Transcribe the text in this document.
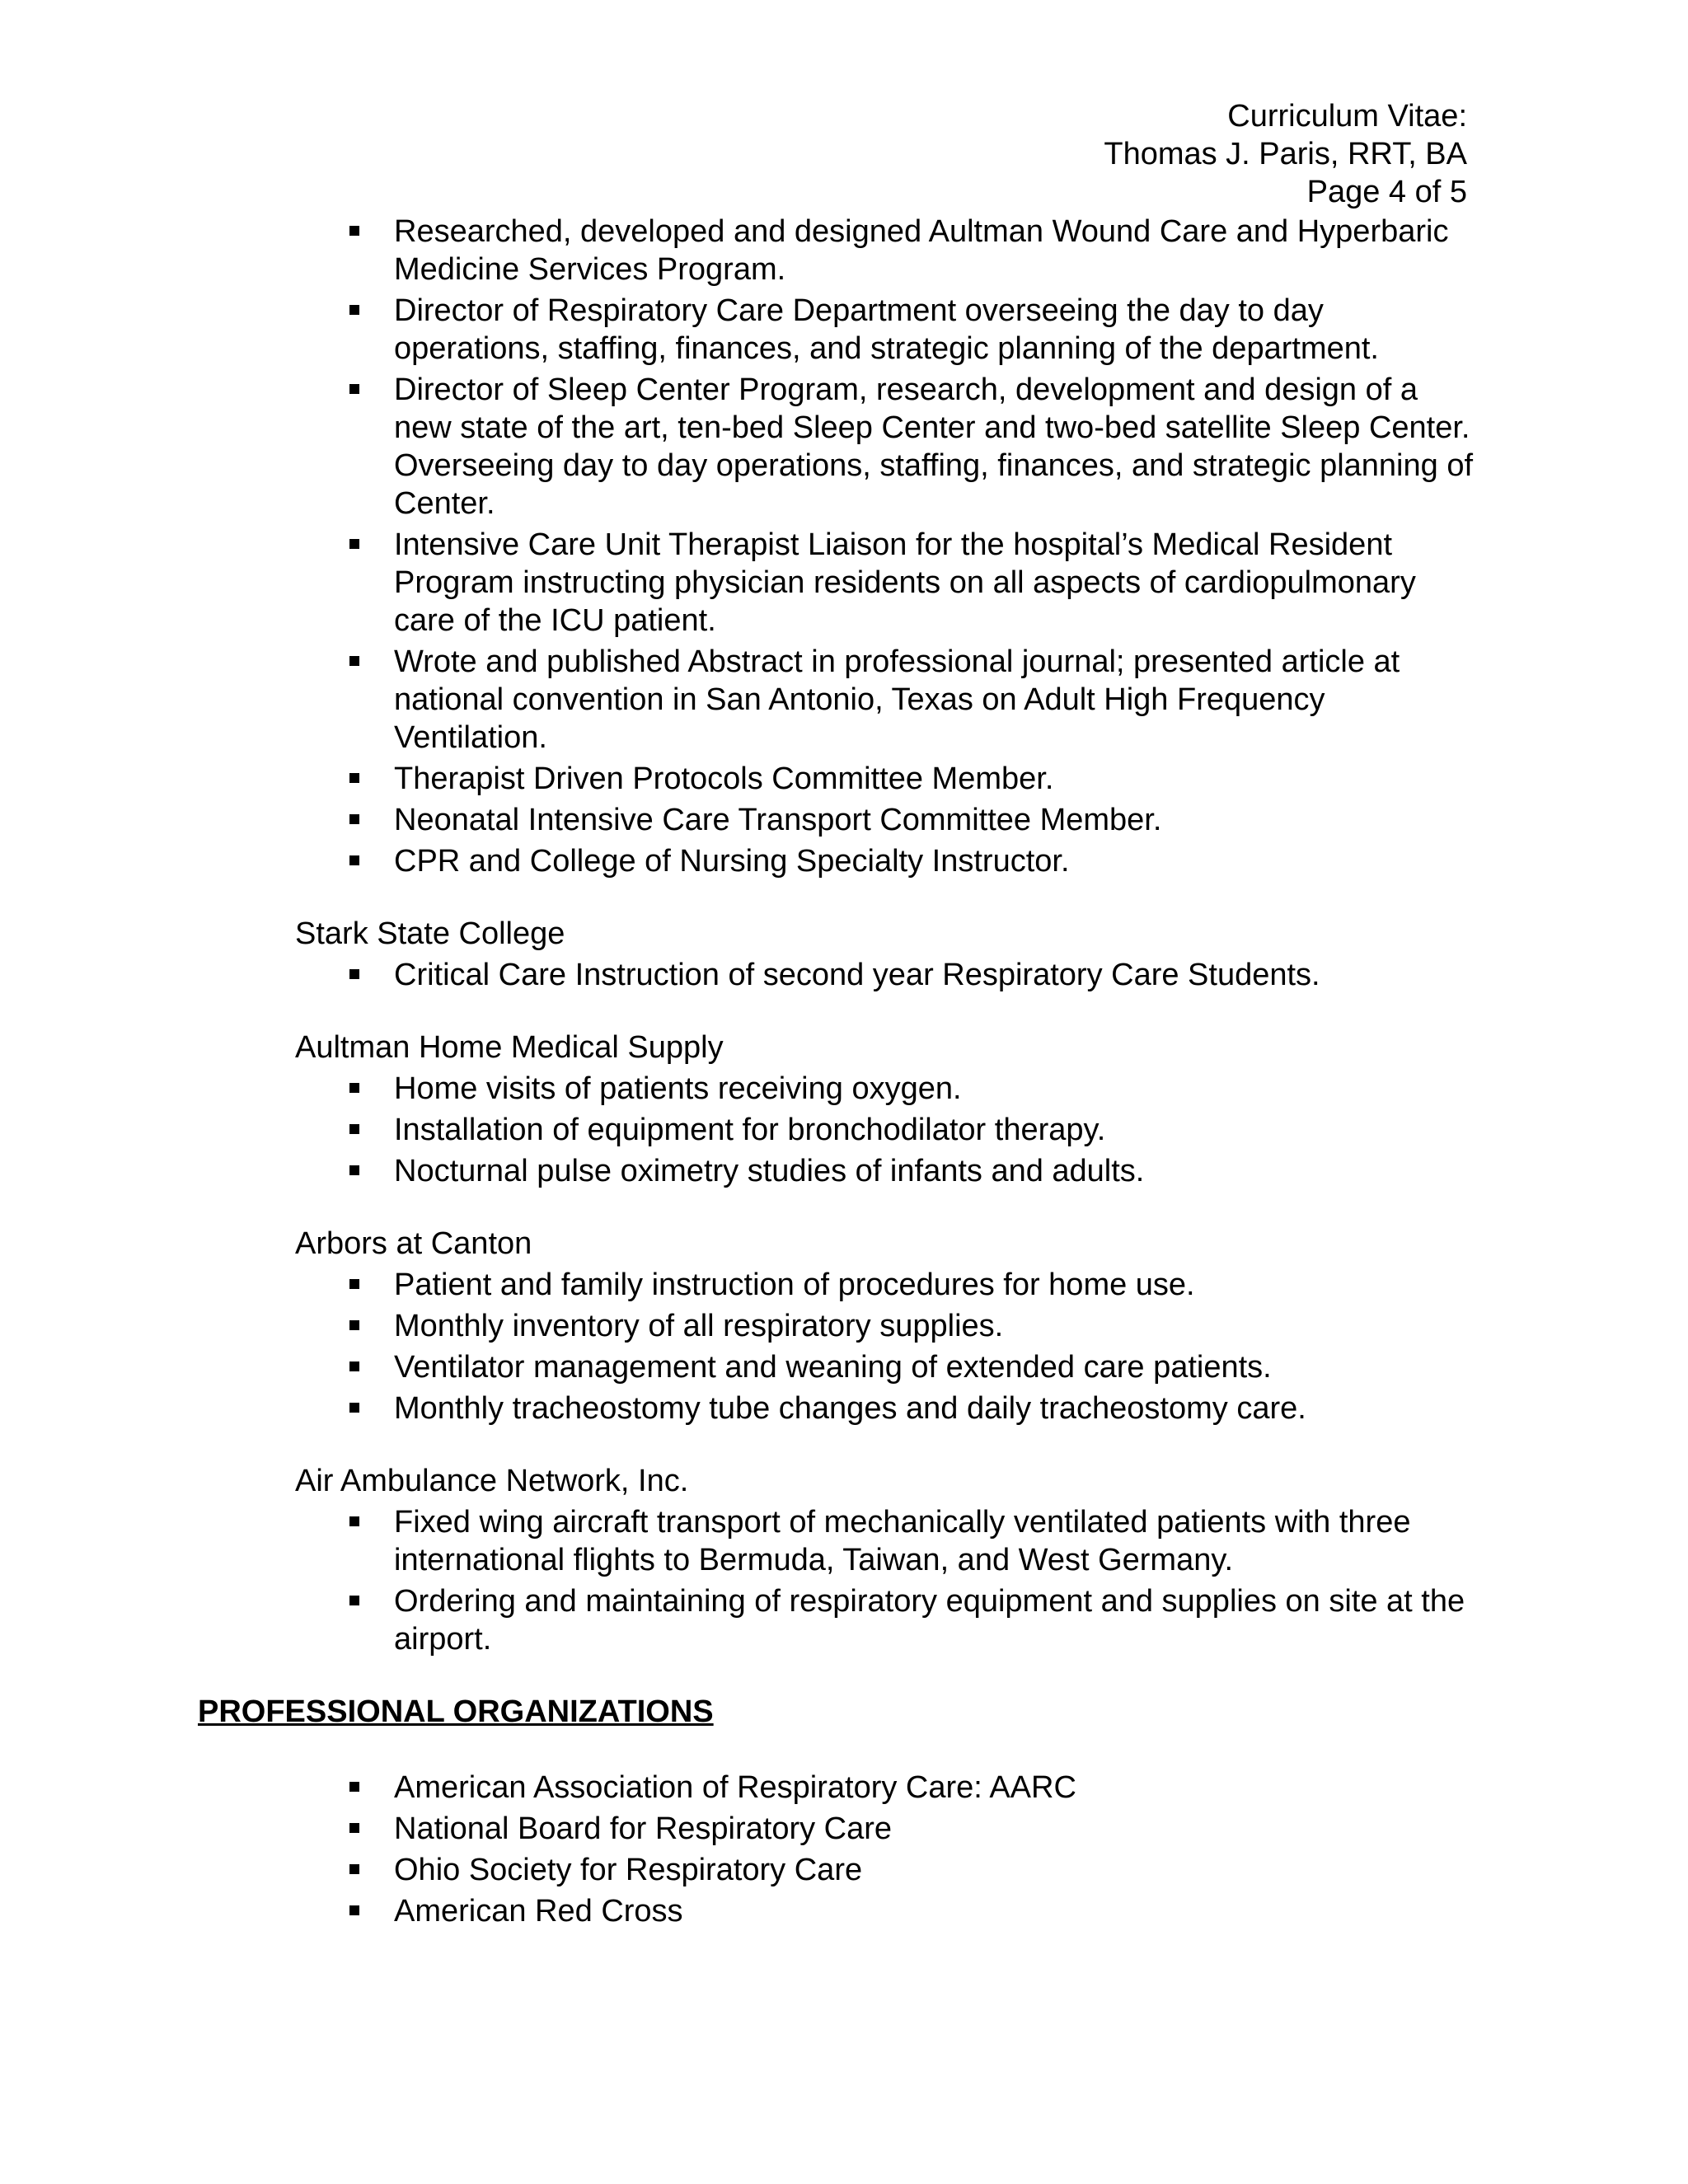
Curriculum Vitae:
Thomas J. Paris, RRT, BA
Page 4 of 5
Researched, developed and designed Aultman Wound Care and Hyperbaric Medicine Services Program.
Director of Respiratory Care Department overseeing the day to day operations, staffing, finances, and strategic planning of the department.
Director of Sleep Center Program, research, development and design of a new state of the art, ten-bed Sleep Center and two-bed satellite Sleep Center. Overseeing day to day operations, staffing, finances, and strategic planning of Center.
Intensive Care Unit Therapist Liaison for the hospital’s Medical Resident Program instructing physician residents on all aspects of cardiopulmonary care of the ICU patient.
Wrote and published Abstract in professional journal; presented article at national convention in San Antonio, Texas on Adult High Frequency Ventilation.
Therapist Driven Protocols Committee Member.
Neonatal Intensive Care Transport Committee Member.
CPR and College of Nursing Specialty Instructor.
Stark State College
Critical Care Instruction of second year Respiratory Care Students.
Aultman Home Medical Supply
Home visits of patients receiving oxygen.
Installation of equipment for bronchodilator therapy.
Nocturnal pulse oximetry studies of infants and adults.
Arbors at Canton
Patient and family instruction of procedures for home use.
Monthly inventory of all respiratory supplies.
Ventilator management and weaning of extended care patients.
Monthly tracheostomy tube changes and daily tracheostomy care.
Air Ambulance Network, Inc.
Fixed wing aircraft transport of mechanically ventilated patients with three international flights to Bermuda, Taiwan, and West Germany.
Ordering and maintaining of respiratory equipment and supplies on site at the airport.
PROFESSIONAL ORGANIZATIONS
American Association of Respiratory Care: AARC
National Board for Respiratory Care
Ohio Society for Respiratory Care
American Red Cross
